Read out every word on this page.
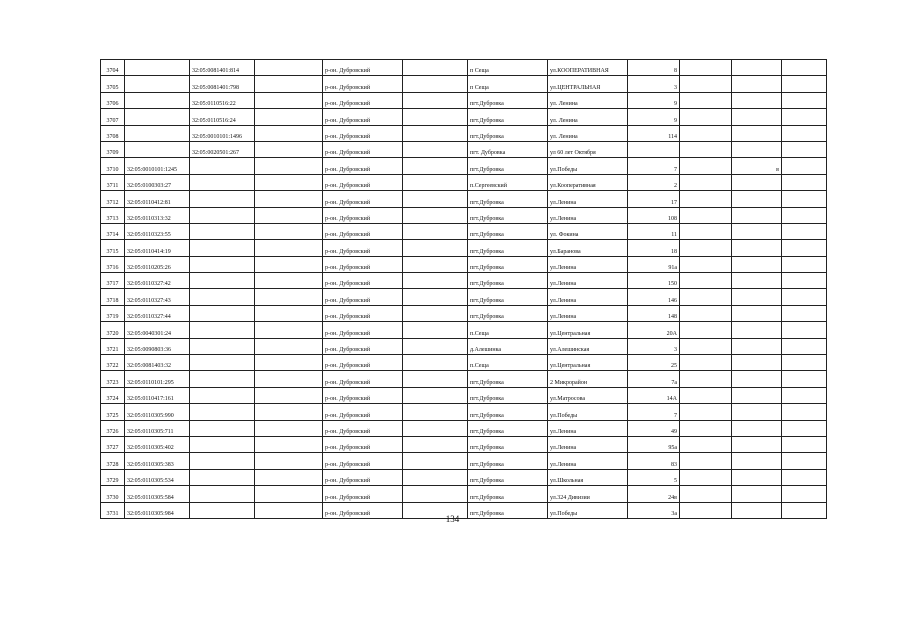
3704		32:05:0081401:814		р-он. Дубровский		п Сеща	ул.КООПЕРАТИВНАЯ	8			
3705		32:05:0081401:798		р-он. Дубровский		п Сеща	ул.ЦЕНТРАЛЬНАЯ	3			
3706		32:05:0110516:22		р-он. Дубровский		пгт.Дубровка	ул. Ленина	9			
3707		32:05:0110516:24		р-он. Дубровский		пгт.Дубровка	ул. Ленина	9			
3708		32:05:0010101:1496		р-он. Дубровский		пгт.Дубровка	ул. Ленина	114			
3709		32:05:0020501:267		р-он. Дубровский		пгт. Дубровка	ул 60 лет Октября				
3710	32:05:0010101:1245			р-он. Дубровский		пгт.Дубровка	ул.Победы	7		в	
3711	32:05:0100303:27			р-он. Дубровский		п.Сергеевский	ул.Кооперативная	2			
3712	32:05:0110412:81			р-он. Дубровский		пгт.Дубровка	ул.Ленина	17			
3713	32:05:0110313:32			р-он. Дубровский		пгт.Дубровка	ул.Ленина	108			
3714	32:05:0110323:55			р-он. Дубровский		пгт.Дубровка	ул. Фокина	11			
3715	32:05:0110414:19			р-он. Дубровский		пгт.Дубровка	ул.Баранова	18			
3716	32:05:0110205:26			р-он. Дубровский		пгт.Дубровка	ул.Ленина	91а			
3717	32:05:0110327:42			р-он. Дубровский		пгт.Дубровка	ул.Ленина	150			
3718	32:05:0110327:43			р-он. Дубровский		пгт.Дубровка	ул.Ленина	146			
3719	32:05:0110327:44			р-он. Дубровский		пгт.Дубровка	ул.Ленина	148			
3720	32:05:0040301:24			р-он. Дубровский		п.Сеща	ул.Центральная	20А			
3721	32:05:0090803:36			р-он. Дубровский		д.Алешинка	ул.Алешинская	3			
3722	32:05:0081403:32			р-он. Дубровский		п.Сеща	ул.Центральная	25			
3723	32:05:0110101:295			р-он. Дубровский		пгт.Дубровка	2 Микрорайон	7а			
3724	32:05:0110417:161			р-он. Дубровский		пгт.Дубровка	ул.Матросова	14А			
3725	32:05:0110305:990			р-он. Дубровский		пгт.Дубровка	ул.Победы	7			
3726	32:05:0110305:711			р-он. Дубровский		пгт.Дубровка	ул.Ленина	49			
3727	32:05:0110305:402			р-он. Дубровский		пгт.Дубровка	ул.Ленина	95а			
3728	32:05:0110305:383			р-он. Дубровский		пгт.Дубровка	ул.Ленина	83			
3729	32:05:0110305:534			р-он. Дубровский		пгт.Дубровка	ул.Школьная	5			
3730	32:05:0110305:584			р-он. Дубровский		пгт.Дубровка	ул.324 Дивизии	24в			
3731	32:05:0110305:984			р-он. Дубровский		пгт.Дубровка	ул.Победы	3а			
134
